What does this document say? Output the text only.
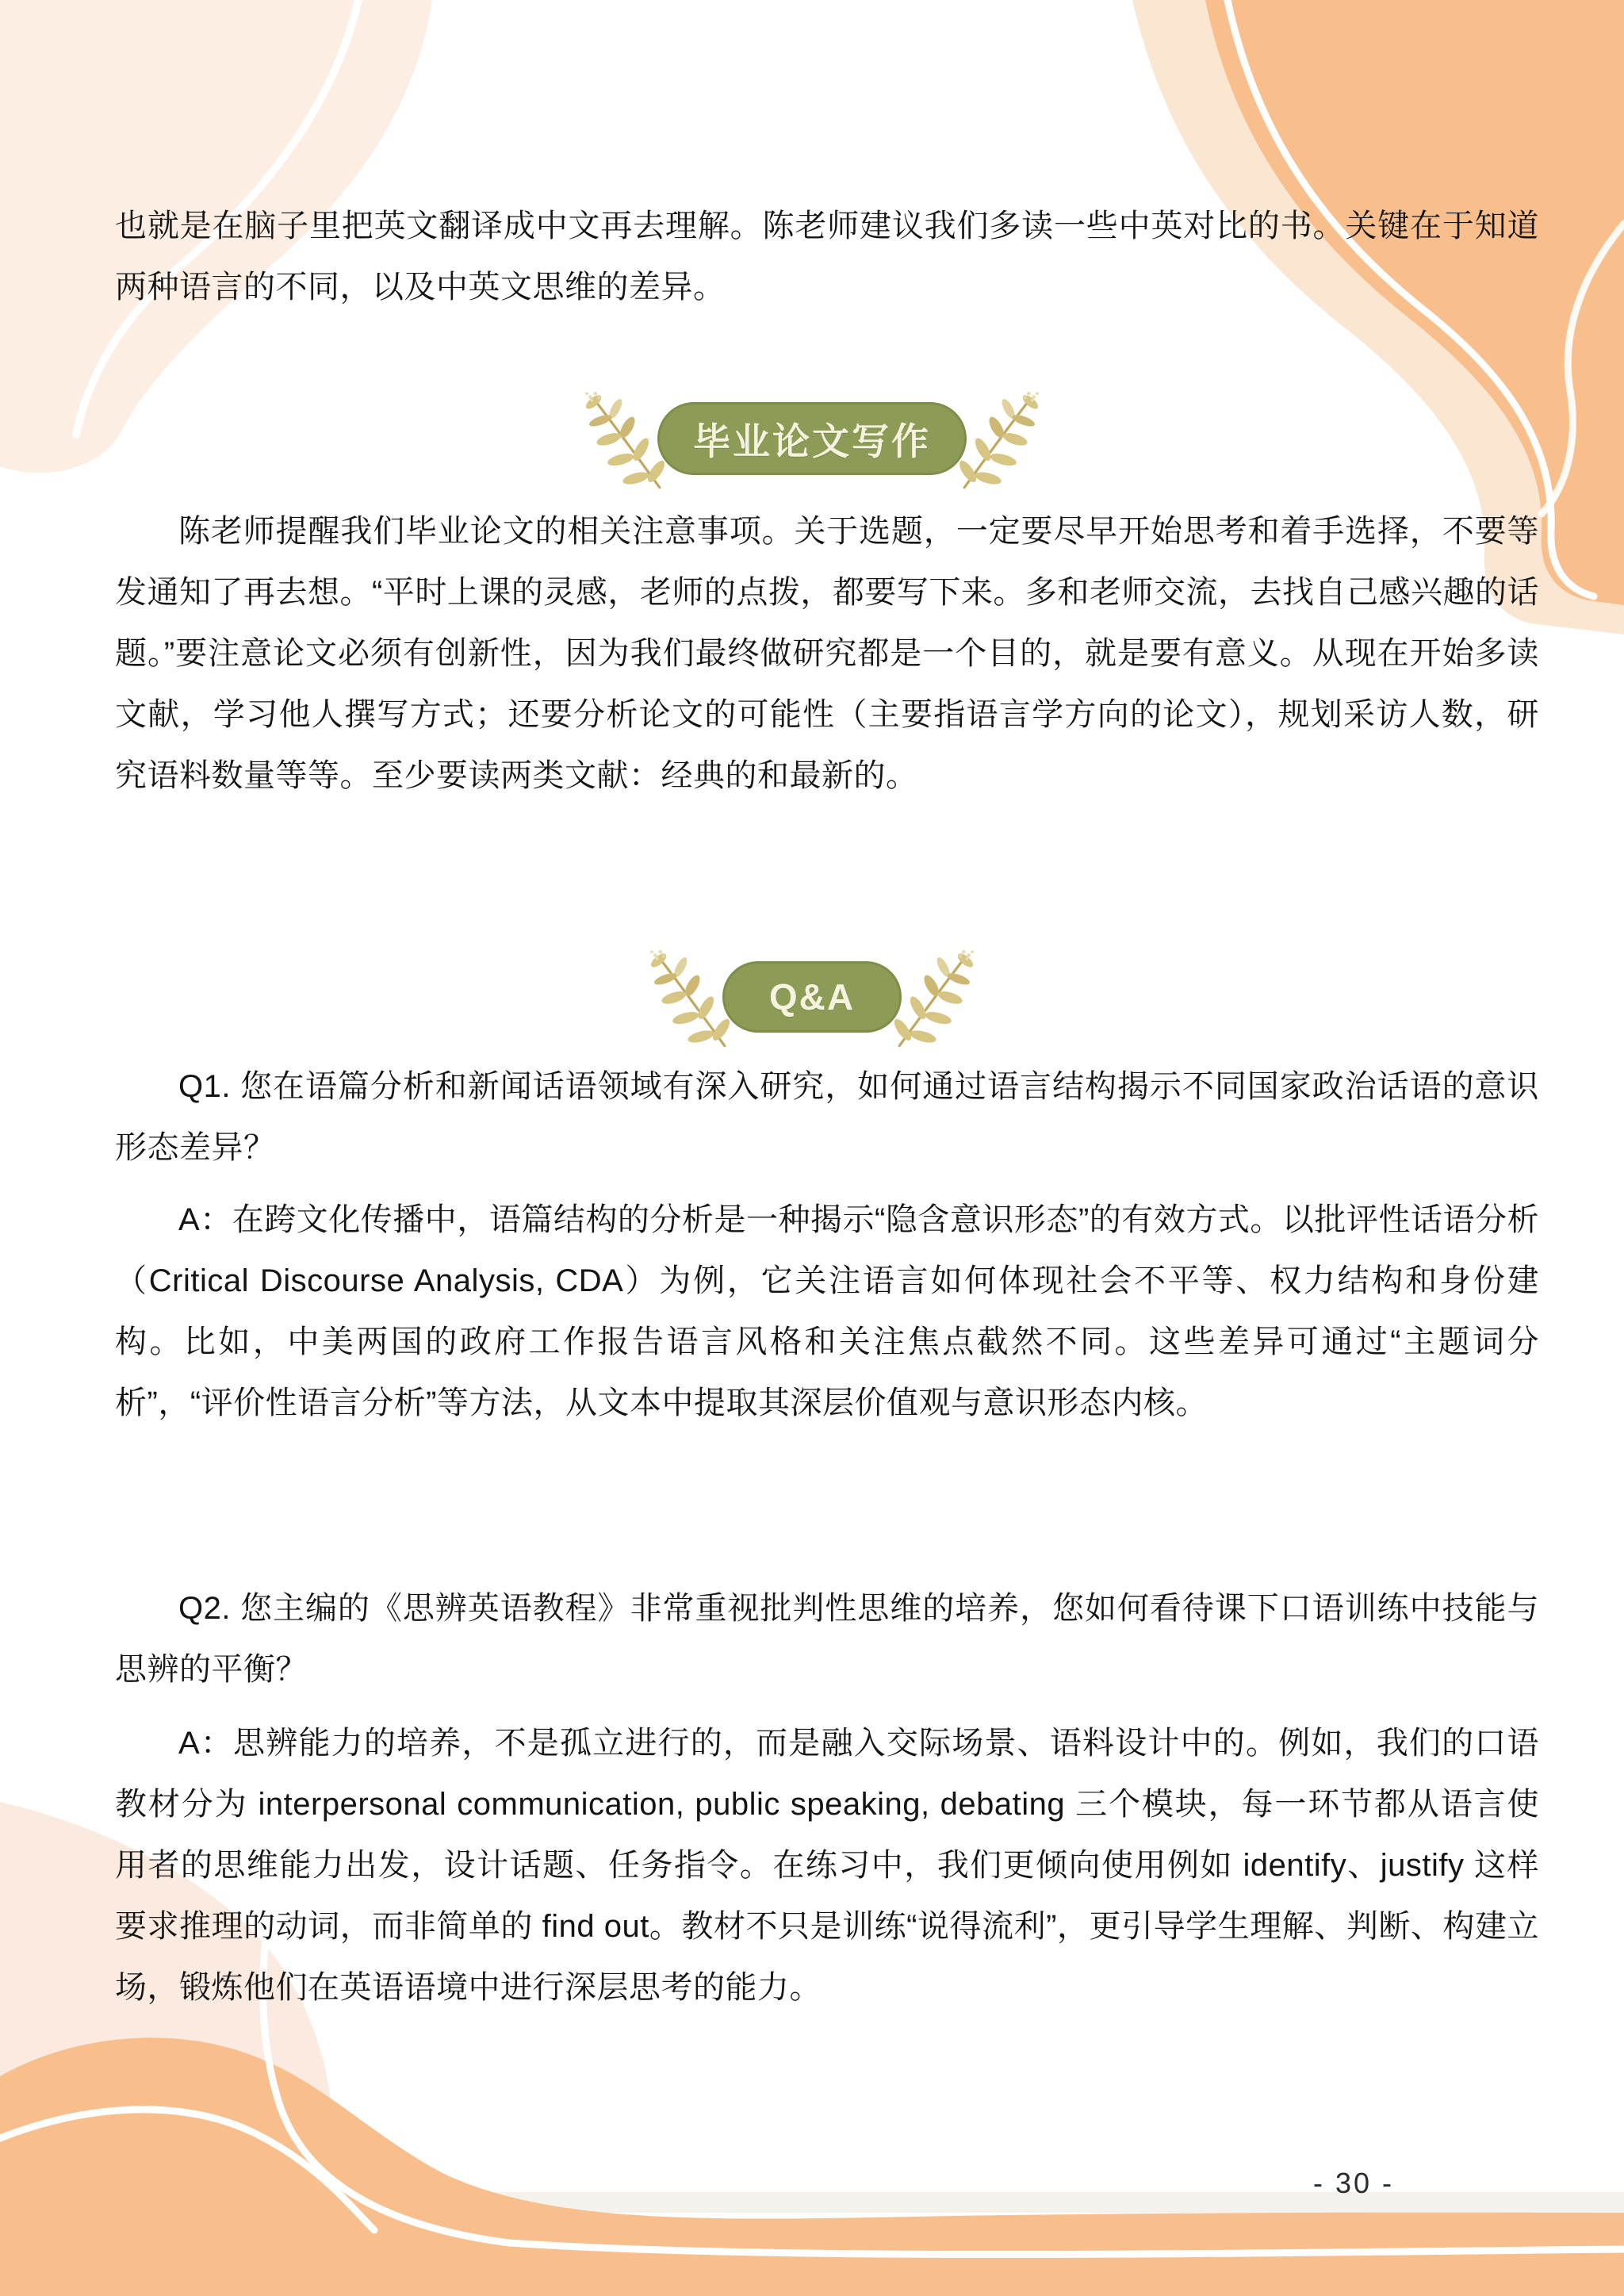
也就是在脑子里把英文翻译成中文再去理解。陈老师建议我们多读一些中英对比的书。关键在于知道两种语言的不同，以及中英文思维的差异。

毕业论文写作

陈老师提醒我们毕业论文的相关注意事项。关于选题，一定要尽早开始思考和着手选择，不要等发通知了再去想。“平时上课的灵感，老师的点拨，都要写下来。多和老师交流，去找自己感兴趣的话题。”要注意论文必须有创新性，因为我们最终做研究都是一个目的，就是要有意义。从现在开始多读文献，学习他人撰写方式；还要分析论文的可能性（主要指语言学方向的论文），规划采访人数，研究语料数量等等。至少要读两类文献：经典的和最新的。

Q&A

Q1. 您在语篇分析和新闻话语领域有深入研究，如何通过语言结构揭示不同国家政治话语的意识形态差异？

A：在跨文化传播中，语篇结构的分析是一种揭示“隐含意识形态”的有效方式。以批评性话语分析（Critical Discourse Analysis, CDA）为例，它关注语言如何体现社会不平等、权力结构和身份建构。比如，中美两国的政府工作报告语言风格和关注焦点截然不同。这些差异可通过“主题词分析”，“评价性语言分析”等方法，从文本中提取其深层价值观与意识形态内核。

Q2. 您主编的《思辨英语教程》非常重视批判性思维的培养，您如何看待课下口语训练中技能与思辨的平衡？

A：思辨能力的培养，不是孤立进行的，而是融入交际场景、语料设计中的。例如，我们的口语教材分为 interpersonal communication, public speaking, debating 三个模块，每一环节都从语言使用者的思维能力出发，设计话题、任务指令。在练习中，我们更倾向使用例如 identify、justify 这样要求推理的动词，而非简单的 find out。教材不只是训练“说得流利”，更引导学生理解、判断、构建立场，锻炼他们在英语语境中进行深层思考的能力。

- 30 -
